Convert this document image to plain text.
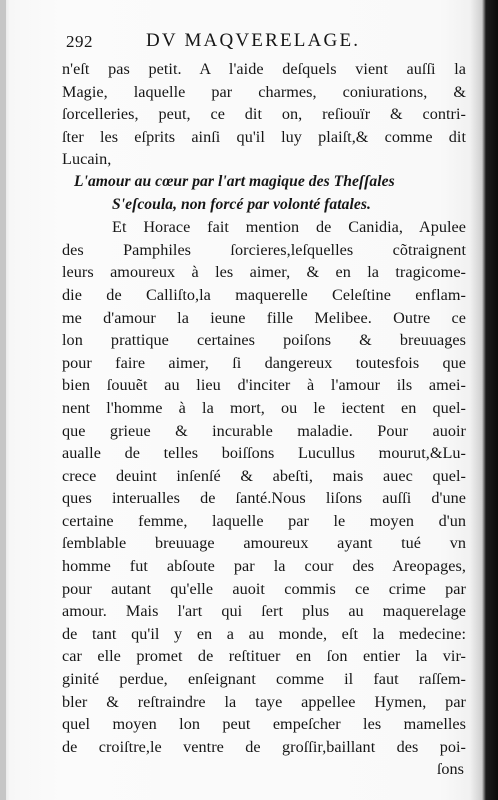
292	DV MAQVERELAGE.
n'eſt pas petit. A l'aide deſquels vient auſſi la
Magie, laquelle par charmes, coniurations, &
ſorcelleries, peut, ce dit on, reſiouïr & contri-
ſter les eſprits ainſi qu'il luy plaiſt,& comme dit
Lucain,
L'amour au cœur par l'art magique des Theſſales
S'eſcoula, non forcé par volonté fatales.
Et Horace fait mention de Canidia, Apulee
des Pamphiles ſorcieres,leſquelles cõtraignent
leurs amoureux à les aimer, & en la tragicome-
die de Calliſto,la maquerelle Celeſtine enflam-
me d'amour la ieune fille Melibee. Outre ce
lon prattique certaines poiſons & breuuages
pour faire aimer, ſi dangereux toutesfois que
bien ſouuẽt au lieu d'inciter à l'amour ils amei-
nent l'homme à la mort, ou le iectent en quel-
que grieue & incurable maladie. Pour auoir
aualle de telles boiſſons Lucullus mourut,&Lu-
crece deuint inſenſé & abeſti, mais auec quel-
ques interualles de ſanté.Nous liſons auſſi d'une
certaine femme, laquelle par le moyen d'un
ſemblable breuuage amoureux ayant tué vn
homme fut abſoute par la cour des Areopages,
pour autant qu'elle auoit commis ce crime par
amour. Mais l'art qui ſert plus au maquerelage
de tant qu'il y en a au monde, eſt la medecine:
car elle promet de reſtituer en ſon entier la vir-
ginité perdue, enſeignant comme il faut raſſem-
bler & reſtraindre la taye appellee Hymen, par
quel moyen lon peut empeſcher les mamelles
de croiſtre,le ventre de groſſir,baillant des poi-
ſons
